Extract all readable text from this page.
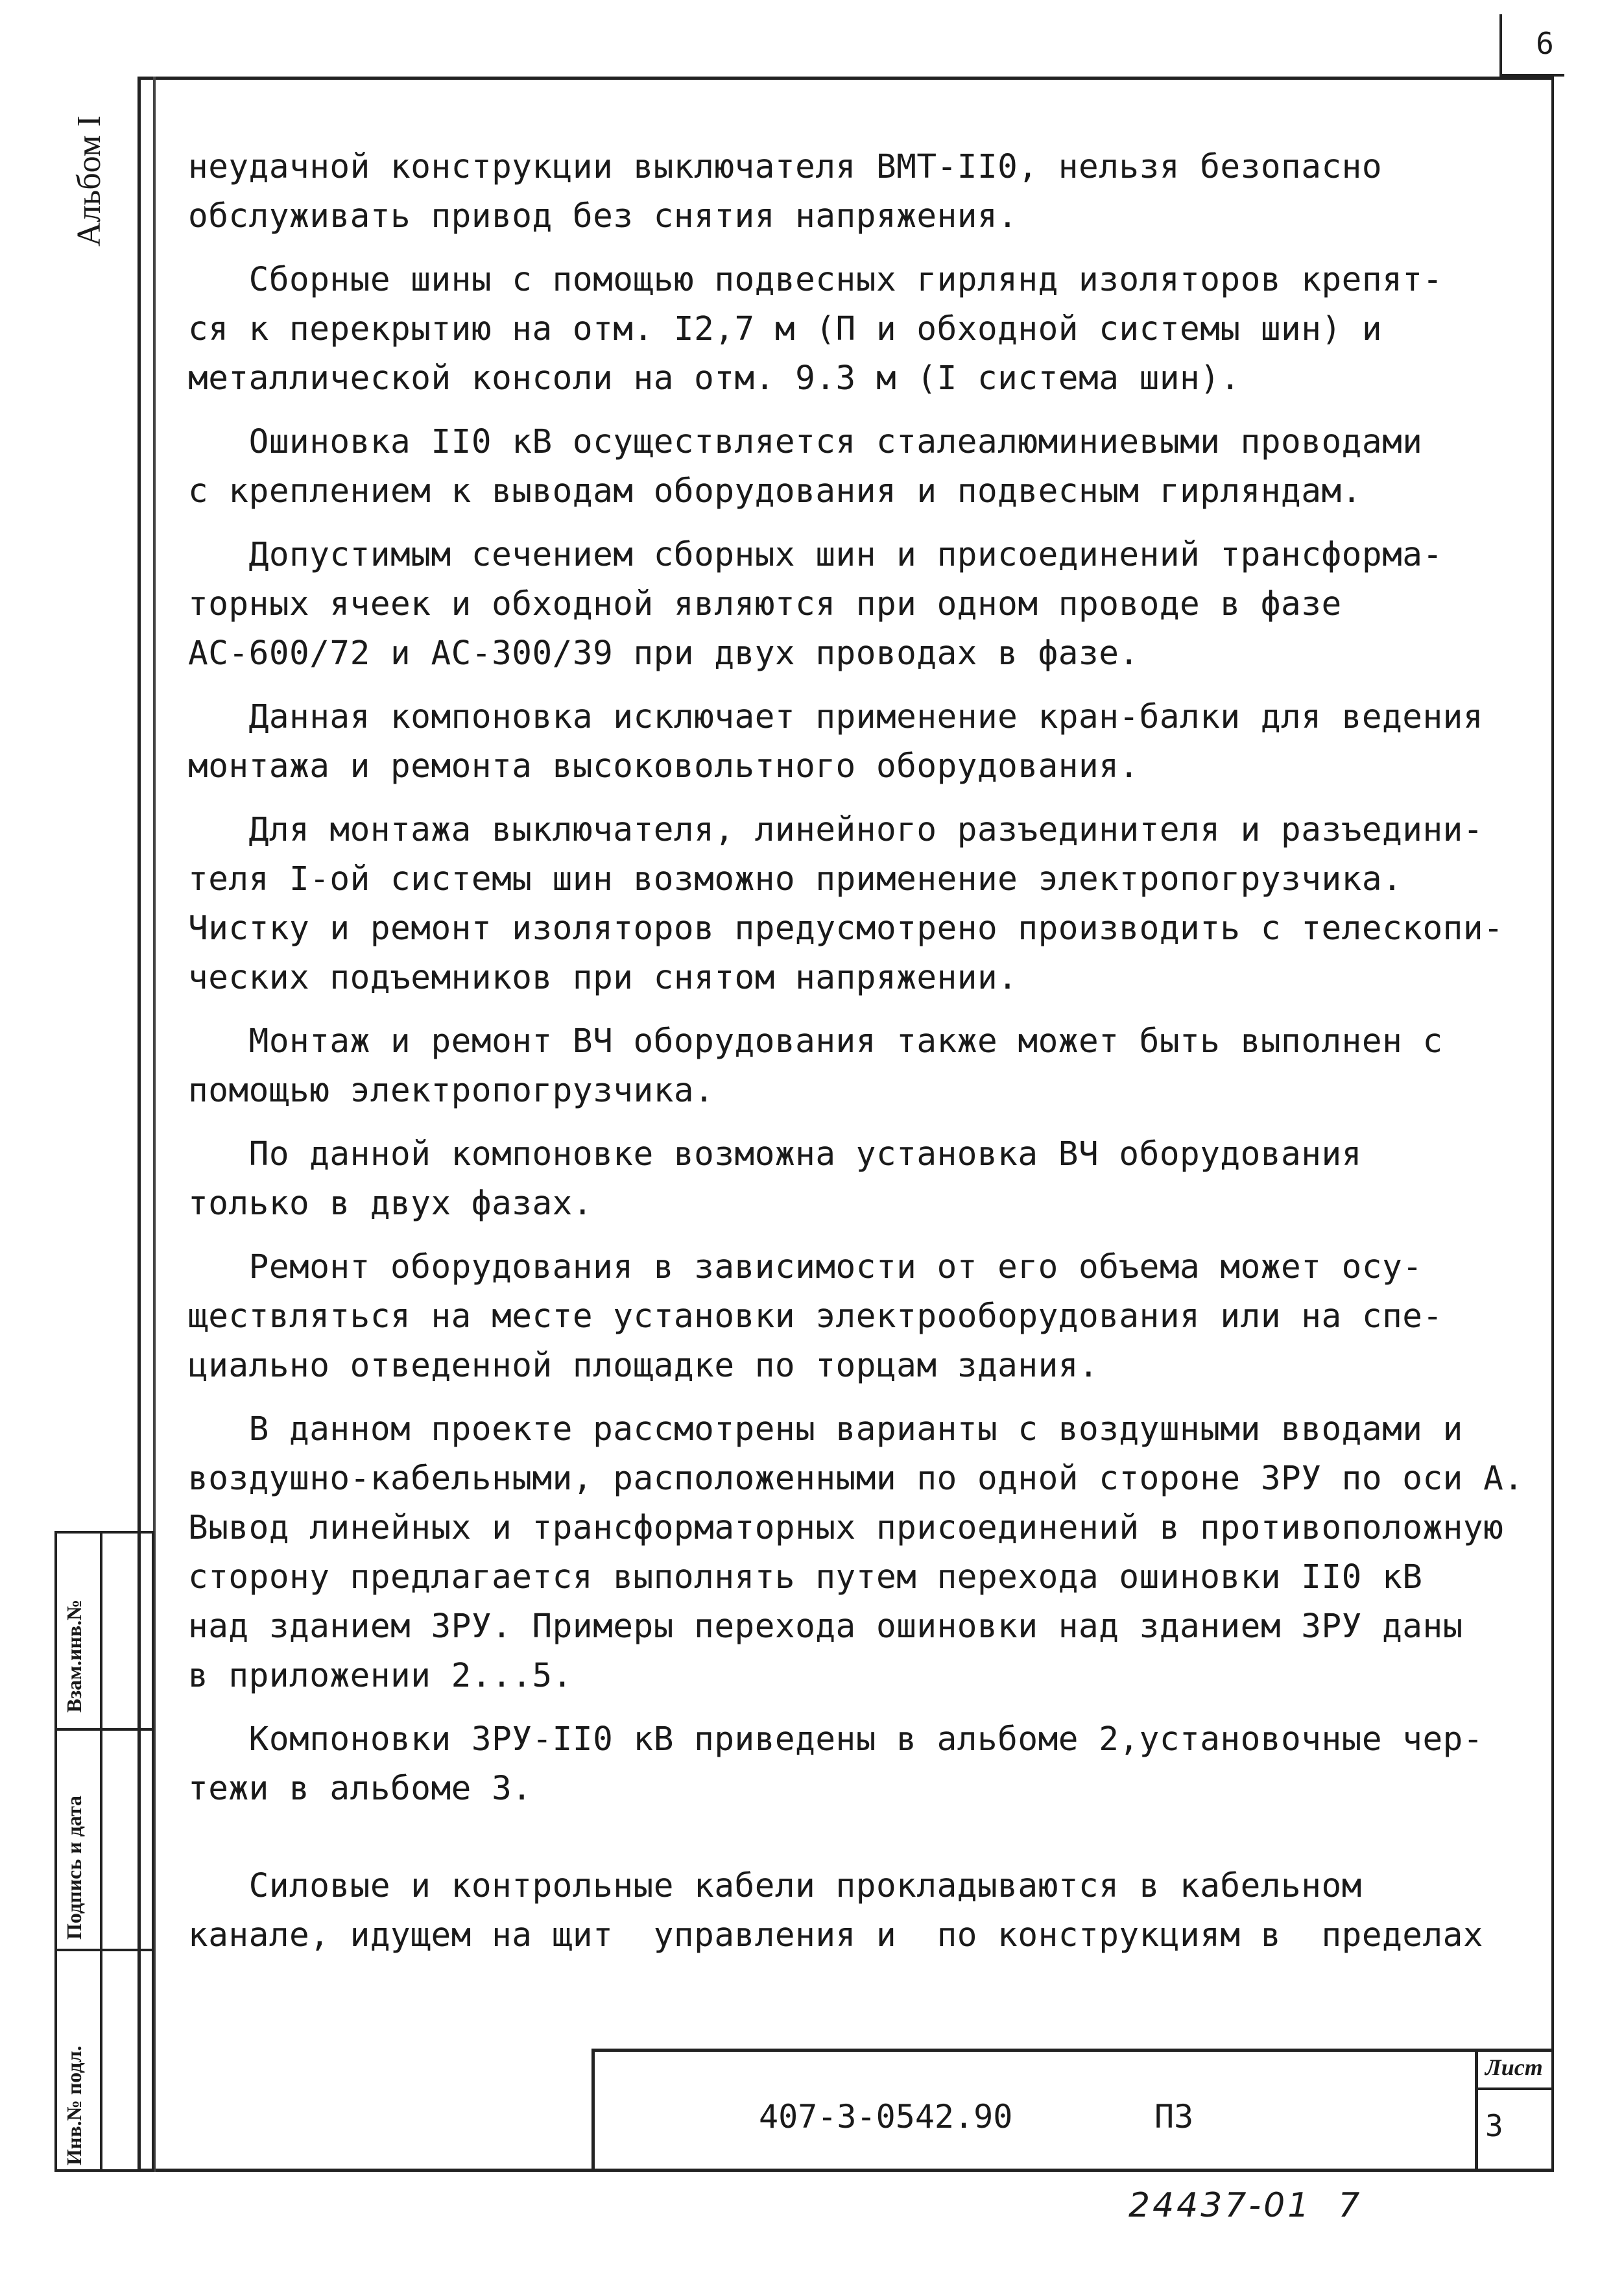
6
Альбом I
Взам.инв.№
Подпись и дата
Инв.№ подл.
неудачной конструкции выключателя ВМТ-II0, нельзя безопасно
обслуживать привод без снятия напряжения.
Сборные шины с помощью подвесных гирлянд изоляторов крепят-
ся к перекрытию на отм. I2,7 м (П и обходной системы шин) и
металлической консоли на отм. 9.3 м (I система шин).
Ошиновка II0 кВ осуществляется сталеалюминиевыми проводами
с креплением к выводам оборудования и подвесным гирляндам.
Допустимым сечением сборных шин и присоединений трансформа-
торных ячеек и обходной являются при одном проводе в фазе
АС-600/72 и АС-300/39 при двух проводах в фазе.
Данная компоновка исключает применение кран-балки для ведения
монтажа и ремонта высоковольтного оборудования.
Для монтажа выключателя, линейного разъединителя и разъедини-
теля I-ой системы шин возможно применение электропогрузчика.
Чистку и ремонт изоляторов предусмотрено производить с телескопи-
ческих подъемников при снятом напряжении.
Монтаж и ремонт ВЧ оборудования также может быть выполнен с
помощью электропогрузчика.
По данной компоновке возможна установка ВЧ оборудования
только в двух фазах.
Ремонт оборудования в зависимости от его объема может осу-
ществляться на месте установки электрооборудования или на спе-
циально отведенной площадке по торцам здания.
В данном проекте рассмотрены варианты с воздушными вводами и
воздушно-кабельными, расположенными по одной стороне ЗРУ по оси А.
Вывод линейных и трансформаторных присоединений в противоположную
сторону предлагается выполнять путем перехода ошиновки II0 кВ
над зданием ЗРУ. Примеры перехода ошиновки над зданием ЗРУ даны
в приложении 2...5.
Компоновки ЗРУ-II0 кВ приведены в альбоме 2,установочные чер-
тежи в альбоме 3.
Силовые и контрольные кабели прокладываются в кабельном
канале, идущем на щит  управления и  по конструкциям в  пределах
Лист
3
407-3-0542.90	ПЗ
24437-01  7
